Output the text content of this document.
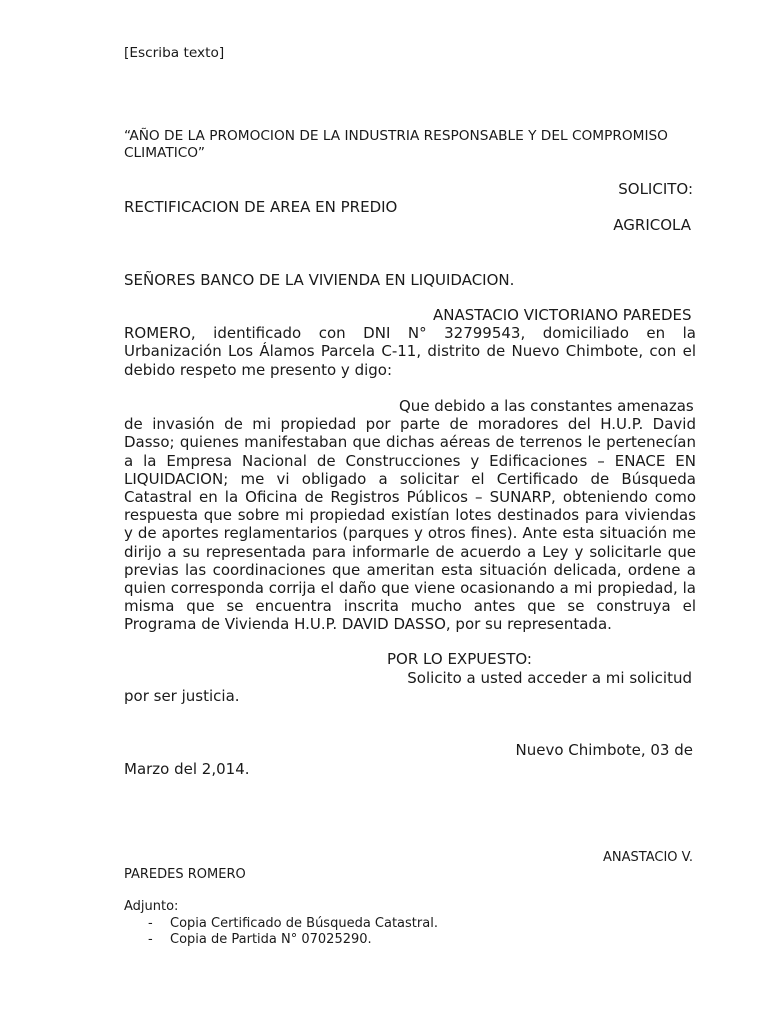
[Escriba texto]

“AÑO DE LA PROMOCION DE LA INDUSTRIA RESPONSABLE Y DEL COMPROMISO

CLIMATICO”

SOLICITO:

RECTIFICACION DE AREA EN PREDIO

AGRICOLA

SEÑORES BANCO DE LA VIVIENDA EN LIQUIDACION.

ANASTACIO VICTORIANO PAREDES
ROMERO, identificado con DNI N° 32799543, domiciliado en la Urbanización Los Álamos Parcela C-11, distrito de Nuevo Chimbote, con el debido respeto me presento y digo:
Que debido a las constantes amenazas
de invasión de mi propiedad por parte de moradores del H.U.P. David Dasso; quienes manifestaban que dichas aéreas de terrenos le pertenecían a la Empresa Nacional de Construcciones y Edificaciones – ENACE EN LIQUIDACION; me vi obligado a solicitar el Certificado de Búsqueda Catastral en la Oficina de Registros Públicos – SUNARP, obteniendo como respuesta que sobre mi propiedad existían lotes destinados para viviendas y de aportes reglamentarios (parques y otros fines). Ante esta situación me dirijo a su representada para informarle de acuerdo a Ley y solicitarle que previas las coordinaciones que ameritan esta situación delicada, ordene a quien corresponda corrija el daño que viene ocasionando a mi propiedad, la misma que se encuentra inscrita mucho antes que se construya el Programa de Vivienda H.U.P. DAVID DASSO, por su representada.

POR LO EXPUESTO:

Solicito a usted acceder a mi solicitud

por ser justicia.

Nuevo Chimbote, 03 de

Marzo del 2,014.

ANASTACIO V.

PAREDES ROMERO

Adjunto:

- Copia Certificado de Búsqueda Catastral.
- Copia de Partida N° 07025290.
